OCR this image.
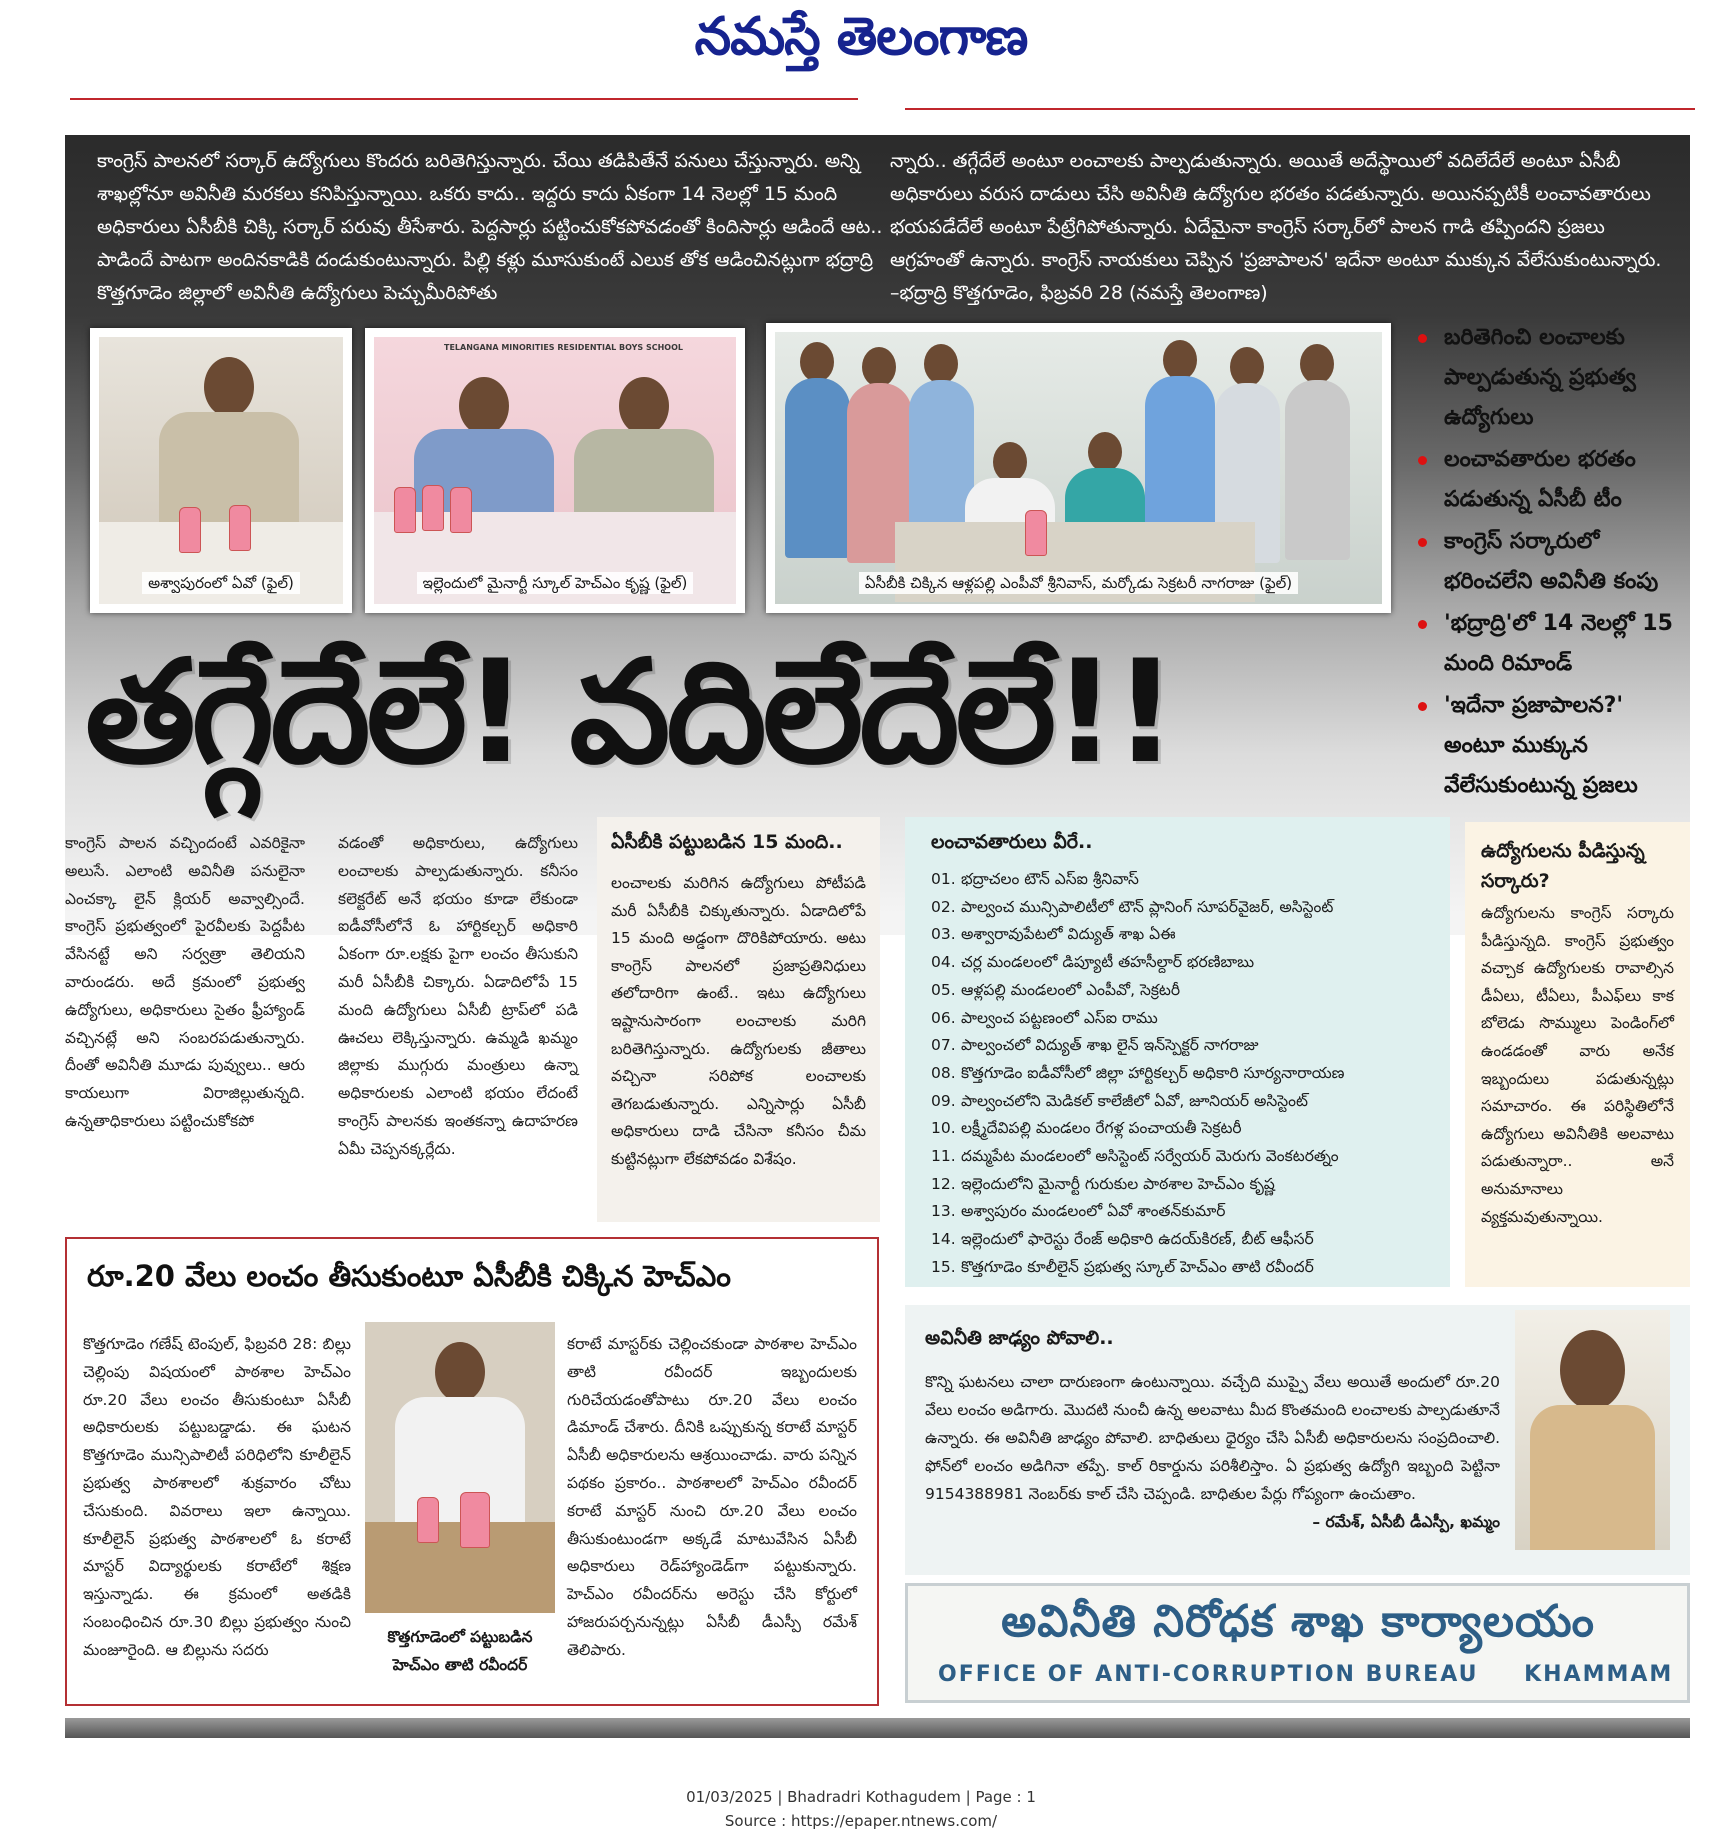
నమస్తే తెలంగాణ
కాంగ్రెస్ పాలనలో సర్కార్ ఉద్యోగులు కొందరు బరితెగిస్తున్నారు. చేయి తడిపితేనే పనులు చేస్తున్నారు. అన్ని శాఖల్లోనూ అవినీతి మరకలు కనిపిస్తున్నాయి. ఒకరు కాదు.. ఇద్దరు కాదు ఏకంగా 14 నెలల్లో 15 మంది అధికారులు ఏసీబీకి చిక్కి సర్కార్ పరువు తీసేశారు. పెద్దసార్లు పట్టించుకోకపోవడంతో కిందిసార్లు ఆడిందే ఆట.. పాడిందే పాటగా అందినకాడికి దండుకుంటున్నారు. పిల్లి కళ్లు మూసుకుంటే ఎలుక తోక ఆడించినట్లుగా భద్రాద్రి కొత్తగూడెం జిల్లాలో అవినీతి ఉద్యోగులు పెచ్చుమీరిపోతు
న్నారు.. తగ్గేదేలే అంటూ లంచాలకు పాల్పడుతున్నారు. అయితే అదేస్థాయిలో వదిలేదేలే అంటూ ఏసీబీ అధికారులు వరుస దాడులు చేసి అవినీతి ఉద్యోగుల భరతం పడతున్నారు. అయినప్పటికీ లంచావతారులు భయపడేదేలే అంటూ పేట్రేగిపోతున్నారు. ఏదేమైనా కాంగ్రెస్ సర్కార్‌లో పాలన గాడి తప్పిందని ప్రజలు ఆగ్రహంతో ఉన్నారు. కాంగ్రెస్ నాయకులు చెప్పిన 'ప్రజాపాలన' ఇదేనా అంటూ ముక్కున వేలేసుకుంటున్నారు. –భద్రాద్రి కొత్తగూడెం, ఫిబ్రవరి 28 (నమస్తే తెలంగాణ)
అశ్వాపురంలో ఏవో (ఫైల్)
TELANGANA MINORITIES RESIDENTIAL BOYS SCHOOL
ఇల్లెందులో మైనార్టీ స్కూల్ హెచ్‌ఎం కృష్ణ (ఫైల్)	ఏసీబీకి చిక్కిన ఆళ్లపల్లి ఎంపీవో శ్రీనివాస్, మర్కోడు సెక్రటరీ నాగరాజు (ఫైల్)
బరితెగించి లంచాలకు పాల్పడుతున్న ప్రభుత్వ ఉద్యోగులు
లంచావతారుల భరతం పడుతున్న ఏసీబీ టీం
కాంగ్రెస్ సర్కారులో భరించలేని అవినీతి కంపు
'భద్రాద్రి'లో 14 నెలల్లో 15 మంది రిమాండ్
'ఇదేనా ప్రజాపాలన?' అంటూ ముక్కున వేలేసుకుంటున్న ప్రజలు
తగ్గేదేలే! వదిలేదేలే!!
కాంగ్రెస్ పాలన వచ్చిందంటే ఎవరికైనా అలుసే. ఎలాంటి అవినీతి పనులైనా ఎంచక్కా లైన్ క్లియర్ అవ్వాల్సిందే. కాంగ్రెస్ ప్రభుత్వంలో పైరవీలకు పెద్దపీట వేసినట్టే అని సర్వత్రా తెలియని వారుండరు. అదే క్రమంలో ప్రభుత్వ ఉద్యోగులు, అధికారులు సైతం ఫ్రీహ్యాండ్ వచ్చినట్లే అని సంబరపడుతున్నారు. దీంతో అవినీతి మూడు పువ్వులు.. ఆరు కాయలుగా విరాజిల్లుతున్నది. ఉన్నతాధికారులు పట్టించుకోకపో
వడంతో అధికారులు, ఉద్యోగులు లంచాలకు పాల్పడుతున్నారు. కనీసం కలెక్టరేట్ అనే భయం కూడా లేకుండా ఐడీవోసీలోనే ఓ హార్టికల్చర్ అధికారి ఏకంగా రూ.లక్షకు పైగా లంచం తీసుకుని మరీ ఏసీబీకి చిక్కారు. ఏడాదిలోపే 15 మంది ఉద్యోగులు ఏసీబీ ట్రాప్‌లో పడి ఊచలు లెక్కిస్తున్నారు. ఉమ్మడి ఖమ్మం జిల్లాకు ముగ్గురు మంత్రులు ఉన్నా అధికారులకు ఎలాంటి భయం లేదంటే కాంగ్రెస్ పాలనకు ఇంతకన్నా ఉదాహరణ ఏమీ చెప్పనక్కర్లేదు.
ఏసీబీకి పట్టుబడిన 15 మంది..
లంచాలకు మరిగిన ఉద్యోగులు పోటీపడి మరీ ఏసీబీకి చిక్కుతున్నారు. ఏడాదిలోపే 15 మంది అడ్డంగా దొరికిపోయారు. అటు కాంగ్రెస్ పాలనలో ప్రజాప్రతినిధులు తలోదారిగా ఉంటే.. ఇటు ఉద్యోగులు ఇష్టానుసారంగా లంచాలకు మరిగి బరితెగిస్తున్నారు. ఉద్యోగులకు జీతాలు వచ్చినా సరిపోక లంచాలకు తెగబడుతున్నారు. ఎన్నిసార్లు ఏసీబీ అధికారులు దాడి చేసినా కనీసం చీమ కుట్టినట్లుగా లేకపోవడం విశేషం.
లంచావతారులు వీరే..
01. భద్రాచలం టౌన్ ఎస్ఐ శ్రీనివాస్
02. పాల్వంచ మున్సిపాలిటీలో టౌన్ ప్లానింగ్ సూపర్‌వైజర్, అసిస్టెంట్
03. అశ్వారావుపేటలో విద్యుత్ శాఖ ఏఈ
04. చర్ల మండలంలో డిప్యూటీ తహసీల్దార్ భరణిబాబు
05. ఆళ్లపల్లి మండలంలో ఎంపీవో, సెక్రటరీ
06. పాల్వంచ పట్టణంలో ఎస్ఐ రాము
07. పాల్వంచలో విద్యుత్ శాఖ లైన్ ఇన్‌స్పెక్టర్ నాగరాజు
08. కొత్తగూడెం ఐడీవోసీలో జిల్లా హార్టికల్చర్ అధికారి సూర్యనారాయణ
09. పాల్వంచలోని మెడికల్ కాలేజీలో ఏవో, జూనియర్ అసిస్టెంట్
10. లక్ష్మీదేవిపల్లి మండలం రేగళ్ల పంచాయతీ సెక్రటరీ
11. దమ్మపేట మండలంలో అసిస్టెంట్ సర్వేయర్ మెరుగు వెంకటరత్నం
12. ఇల్లెందులోని మైనార్టీ గురుకుల పాఠశాల హెచ్‌ఎం కృష్ణ
13. అశ్వాపురం మండలంలో ఏవో శాంతన్‌కుమార్
14. ఇల్లెందులో ఫారెస్టు రేంజ్ అధికారి ఉదయ్‌కిరణ్, బీట్ ఆఫీసర్
15. కొత్తగూడెం కూలీలైన్ ప్రభుత్వ స్కూల్ హెచ్‌ఎం తాటి రవీందర్
ఉద్యోగులను పీడిస్తున్న సర్కారు?
ఉద్యోగులను కాంగ్రెస్ సర్కారు పీడిస్తున్నది. కాంగ్రెస్ ప్రభుత్వం వచ్చాక ఉద్యోగులకు రావాల్సిన డీఏలు, టీఏలు, పీఎఫ్‌లు కాక బోలెడు సొమ్ములు పెండింగ్‌లో ఉండడంతో వారు అనేక ఇబ్బందులు పడుతున్నట్లు సమాచారం. ఈ పరిస్థితిలోనే ఉద్యోగులు అవినీతికి అలవాటు పడుతున్నారా.. అనే అనుమానాలు వ్యక్తమవుతున్నాయి.
రూ.20 వేలు లంచం తీసుకుంటూ ఏసీబీకి చిక్కిన హెచ్‌ఎం
కొత్తగూడెం గణేష్ టెంపుల్, ఫిబ్రవరి 28: బిల్లు చెల్లింపు విషయంలో పాఠశాల హెచ్‌ఎం రూ.20 వేలు లంచం తీసుకుంటూ ఏసీబీ అధికారులకు పట్టుబడ్డాడు. ఈ ఘటన కొత్తగూడెం మున్సిపాలిటీ పరిధిలోని కూలీలైన్ ప్రభుత్వ పాఠశాలలో శుక్రవారం చోటు చేసుకుంది. వివరాలు ఇలా ఉన్నాయి. కూలీలైన్ ప్రభుత్వ పాఠశాలలో ఓ కరాటే మాస్టర్ విద్యార్థులకు కరాటేలో శిక్షణ ఇస్తున్నాడు. ఈ క్రమంలో అతడికి సంబంధించిన రూ.30 బిల్లు ప్రభుత్వం నుంచి మంజూరైంది. ఆ బిల్లును సదరు
కొత్తగూడెంలో పట్టుబడిన హెచ్‌ఎం తాటి రవీందర్
కరాటే మాస్టర్‌కు చెల్లించకుండా పాఠశాల హెచ్‌ఎం తాటి రవీందర్ ఇబ్బందులకు గురిచేయడంతోపాటు రూ.20 వేలు లంచం డిమాండ్ చేశారు. దీనికి ఒప్పుకున్న కరాటే మాస్టర్ ఏసీబీ అధికారులను ఆశ్రయించాడు. వారు పన్నిన పథకం ప్రకారం.. పాఠశాలలో హెచ్‌ఎం రవీందర్ కరాటే మాస్టర్ నుంచి రూ.20 వేలు లంచం తీసుకుంటుండగా అక్కడే మాటువేసిన ఏసీబీ అధికారులు రెడ్‌హ్యాండెడ్‌గా పట్టుకున్నారు. హెచ్‌ఎం రవీందర్‌ను అరెస్టు చేసి కోర్టులో హాజరుపర్చనున్నట్లు ఏసీబీ డీఎస్పీ రమేశ్ తెలిపారు.
అవినీతి జాఢ్యం పోవాలి..
కొన్ని ఘటనలు చాలా దారుణంగా ఉంటున్నాయి. వచ్చేది ముప్పై వేలు అయితే అందులో రూ.20 వేలు లంచం అడిగారు. మొదటి నుంచీ ఉన్న అలవాటు మీద కొంతమంది లంచాలకు పాల్పడుతూనే ఉన్నారు. ఈ అవినీతి జాఢ్యం పోవాలి. బాధితులు ధైర్యం చేసి ఏసీబీ అధికారులను సంప్రదించాలి. ఫోన్‌లో లంచం అడిగినా తప్పే. కాల్ రికార్డును పరిశీలిస్తాం. ఏ ప్రభుత్వ ఉద్యోగి ఇబ్బంది పెట్టినా 9154388981 నెంబర్‌కు కాల్ చేసి చెప్పండి. బాధితుల పేర్లు గోప్యంగా ఉంచుతాం.
– రమేశ్, ఏసీబీ డీఎస్పీ, ఖమ్మం
అవినీతి నిరోధక శాఖ కార్యాలయం
OFFICE OF ANTI-CORRUPTION BUREAU KHAMMAM
01/03/2025 | Bhadradri Kothagudem | Page : 1
Source : https://epaper.ntnews.com/
